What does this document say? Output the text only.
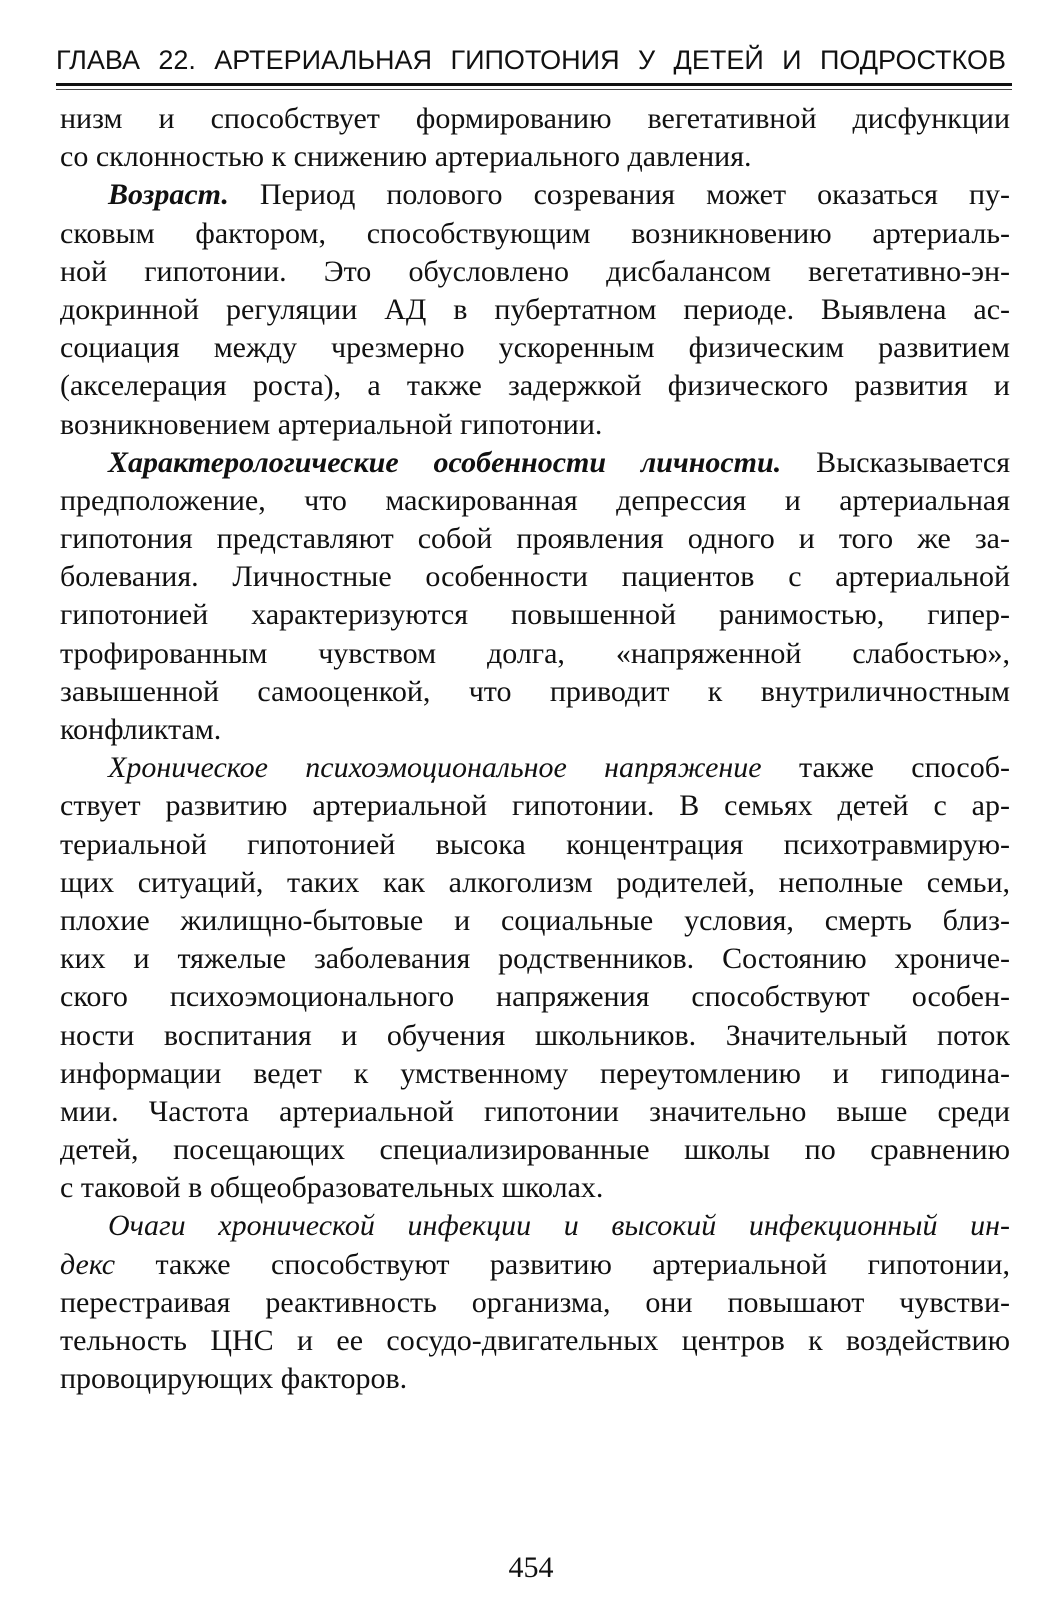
ГЛАВА 22. АРТЕРИАЛЬНАЯ ГИПОТОНИЯ У ДЕТЕЙ И ПОДРОСТКОВ
низм и способствует формированию вегетативной дисфункции
со склонностью к снижению артериального давления.
Возраст. Период полового созревания может оказаться пу-
сковым фактором, способствующим возникновению артериаль-
ной гипотонии. Это обусловлено дисбалансом вегетативно-эн-
докринной регуляции АД в пубертатном периоде. Выявлена ас-
социация между чрезмерно ускоренным физическим развитием
(акселерация роста), а также задержкой физического развития и
возникновением артериальной гипотонии.
Характерологические особенности личности. Высказывается
предположение, что маскированная депрессия и артериальная
гипотония представляют собой проявления одного и того же за-
болевания. Личностные особенности пациентов с артериальной
гипотонией характеризуются повышенной ранимостью, гипер-
трофированным чувством долга, «напряженной слабостью»,
завышенной самооценкой, что приводит к внутриличностным
конфликтам.
Хроническое психоэмоциональное напряжение также способ-
ствует развитию артериальной гипотонии. В семьях детей с ар-
териальной гипотонией высока концентрация психотравмирую-
щих ситуаций, таких как алкоголизм родителей, неполные семьи,
плохие жилищно-бытовые и социальные условия, смерть близ-
ких и тяжелые заболевания родственников. Состоянию хрониче-
ского психоэмоционального напряжения способствуют особен-
ности воспитания и обучения школьников. Значительный поток
информации ведет к умственному переутомлению и гиподина-
мии. Частота артериальной гипотонии значительно выше среди
детей, посещающих специализированные школы по сравнению
с таковой в общеобразовательных школах.
Очаги хронической инфекции и высокий инфекционный ин-
декс также способствуют развитию артериальной гипотонии,
перестраивая реактивность организма, они повышают чувстви-
тельность ЦНС и ее сосудо-двигательных центров к воздействию
провоцирующих факторов.
454
